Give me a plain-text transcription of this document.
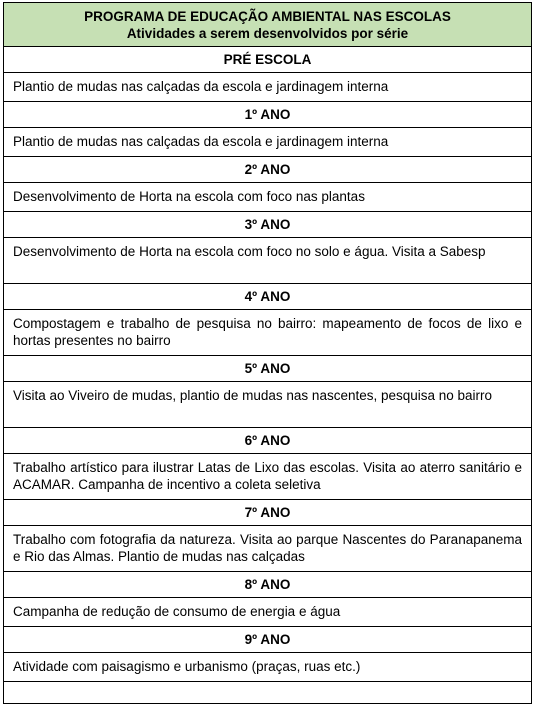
PROGRAMA DE EDUCAÇÃO AMBIENTAL NAS ESCOLAS
Atividades a serem desenvolvidos por série

PRÉ ESCOLA
Plantio de mudas nas calçadas da escola e jardinagem interna
1º ANO
Plantio de mudas nas calçadas da escola e jardinagem interna
2º ANO
Desenvolvimento de Horta na escola com foco nas plantas
3º ANO
Desenvolvimento de Horta na escola com foco no solo e água. Visita a Sabesp
4º ANO
Compostagem e trabalho de pesquisa no bairro: mapeamento de focos de lixo e hortas presentes no bairro
5º ANO
Visita ao Viveiro de mudas, plantio de mudas nas nascentes, pesquisa no bairro
6º ANO
Trabalho artístico para ilustrar Latas de Lixo das escolas. Visita ao aterro sanitário e ACAMAR. Campanha de incentivo a coleta seletiva
7º ANO
Trabalho com fotografia da natureza. Visita ao parque Nascentes do Paranapanema e Rio das Almas. Plantio de mudas nas calçadas
8º ANO
Campanha de redução de consumo de energia e água
9º ANO
Atividade com paisagismo e urbanismo (praças, ruas etc.)
